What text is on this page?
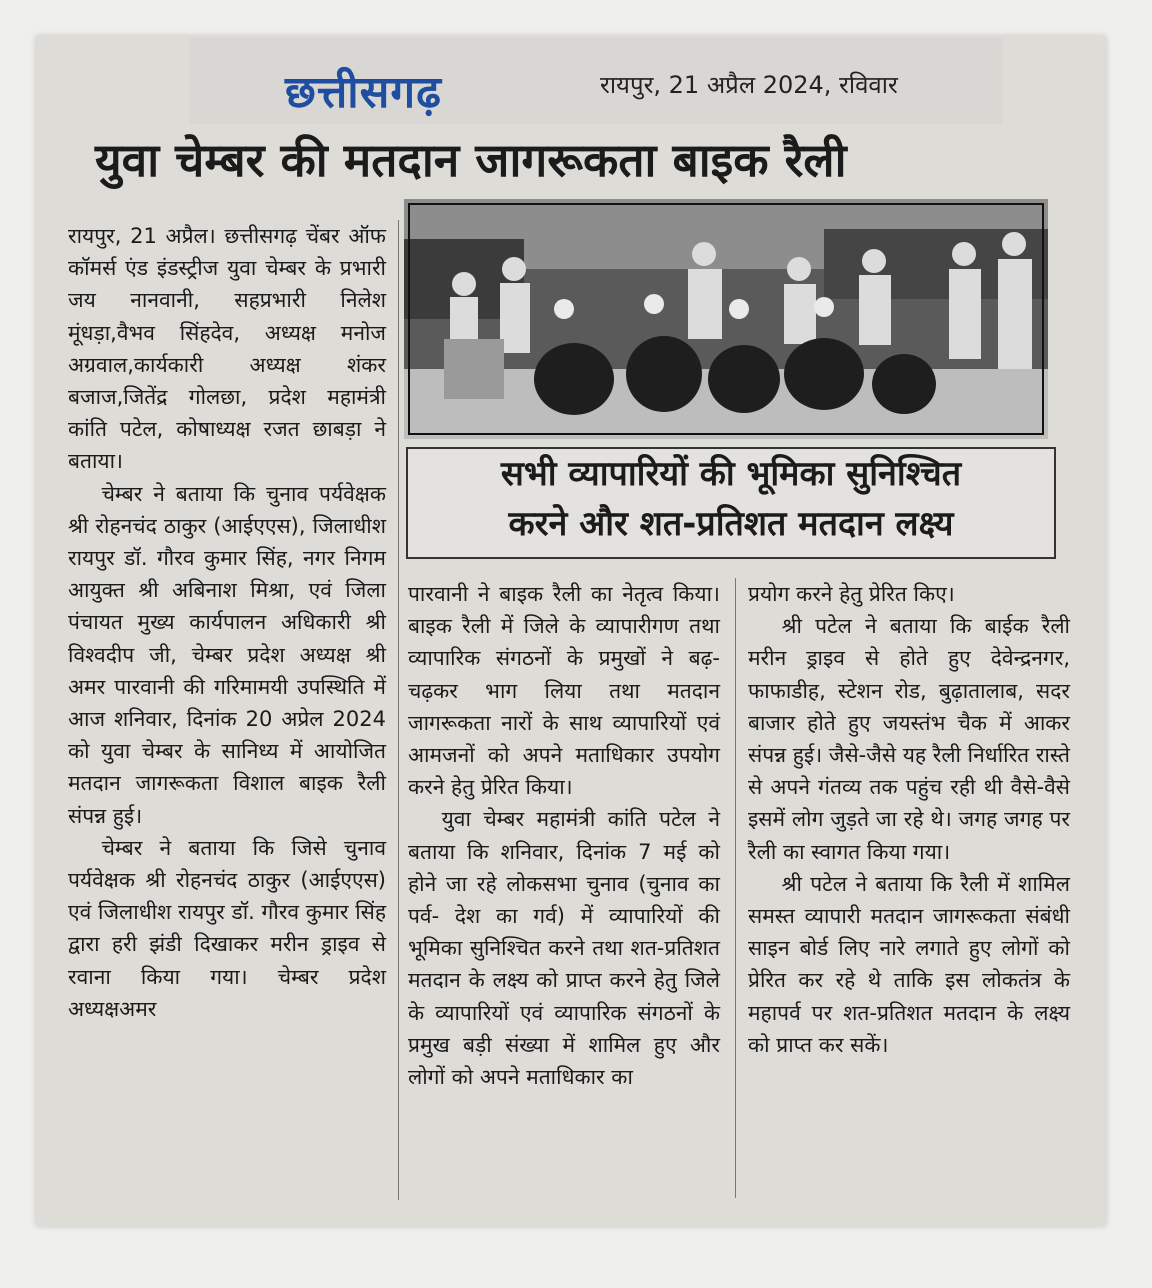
छत्तीसगढ़	रायपुर, 21 अप्रैल 2024, रविवार
युवा चेम्बर की मतदान जागरूकता बाइक रैली
सभी व्यापारियों की भूमिका सुनिश्चित
करने और शत-प्रतिशत मतदान लक्ष्य

रायपुर, 21 अप्रैल। छत्तीसगढ़ चेंबर ऑफ कॉमर्स एंड इंडस्ट्रीज युवा चेम्बर के प्रभारी जय नानवानी, सहप्रभारी निलेश मूंधड़ा,वैभव सिंहदेव, अध्यक्ष मनोज अग्रवाल,कार्यकारी अध्यक्ष शंकर बजाज,जितेंद्र गोलछा, प्रदेश महामंत्री कांति पटेल, कोषाध्यक्ष रजत छाबड़ा ने बताया।

चेम्बर ने बताया कि चुनाव पर्यवेक्षक श्री रोहनचंद ठाकुर (आईएएस), जिलाधीश रायपुर डॉ. गौरव कुमार सिंह, नगर निगम आयुक्त श्री अबिनाश मिश्रा, एवं जिला पंचायत मुख्य कार्यपालन अधिकारी श्री विश्वदीप जी, चेम्बर प्रदेश अध्यक्ष श्री अमर पारवानी की गरिमामयी उपस्थिति में आज शनिवार, दिनांक 20 अप्रेल 2024 को युवा चेम्बर के सानिध्य में आयोजित मतदान जागरूकता विशाल बाइक रैली संपन्न हुई।

चेम्बर ने बताया कि जिसे चुनाव पर्यवेक्षक श्री रोहनचंद ठाकुर (आईएएस) एवं जिलाधीश रायपुर डॉ. गौरव कुमार सिंह द्वारा हरी झंडी दिखाकर मरीन ड्राइव से रवाना किया गया। चेम्बर प्रदेश अध्यक्षअमर

पारवानी ने बाइक रैली का नेतृत्व किया। बाइक रैली में जिले के व्यापारीगण तथा व्यापारिक संगठनों के प्रमुखों ने बढ़-चढ़कर भाग लिया तथा मतदान जागरूकता नारों के साथ व्यापारियों एवं आमजनों को अपने मताधिकार उपयोग करने हेतु प्रेरित किया।

युवा चेम्बर महामंत्री कांति पटेल ने बताया कि शनिवार, दिनांक 7 मई को होने जा रहे लोकसभा चुनाव (चुनाव का पर्व- देश का गर्व) में व्यापारियों की भूमिका सुनिश्चित करने तथा शत-प्रतिशत मतदान के लक्ष्य को प्राप्त करने हेतु जिले के व्यापारियों एवं व्यापारिक संगठनों के प्रमुख बड़ी संख्या में शामिल हुए और लोगों को अपने मताधिकार का

प्रयोग करने हेतु प्रेरित किए।

श्री पटेल ने बताया कि बाईक रैली मरीन ड्राइव से होते हुए देवेन्द्रनगर, फाफाडीह, स्टेशन रोड, बुढ़ातालाब, सदर बाजार होते हुए जयस्तंभ चैक में आकर संपन्न हुई। जैसे-जैसे यह रैली निर्धारित रास्ते से अपने गंतव्य तक पहुंच रही थी वैसे-वैसे इसमें लोग जुड़ते जा रहे थे। जगह जगह पर रैली का स्वागत किया गया।

श्री पटेल ने बताया कि रैली में शामिल समस्त व्यापारी मतदान जागरूकता संबंधी साइन बोर्ड लिए नारे लगाते हुए लोगों को प्रेरित कर रहे थे ताकि इस लोकतंत्र के महापर्व पर शत-प्रतिशत मतदान के लक्ष्य को प्राप्त कर सकें।
